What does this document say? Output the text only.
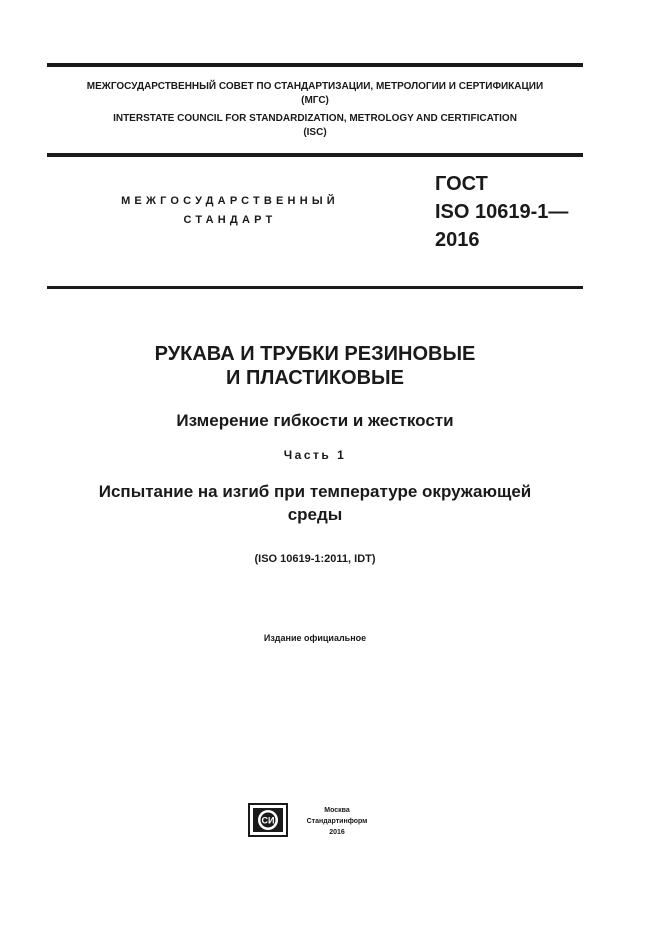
МЕЖГОСУДАРСТВЕННЫЙ СОВЕТ ПО СТАНДАРТИЗАЦИИ, МЕТРОЛОГИИ И СЕРТИФИКАЦИИ
(МГС)
INTERSTATE COUNCIL FOR STANDARDIZATION, METROLOGY AND CERTIFICATION
(ISC)
МЕЖГОСУДАРСТВЕННЫЙ
СТАНДАРТ
ГОСТ
ISO 10619-1—
2016
РУКАВА И ТРУБКИ РЕЗИНОВЫЕ
И ПЛАСТИКОВЫЕ
Измерение гибкости и жесткости
Часть 1
Испытание на изгиб при температуре окружающей
среды
(ISO 10619-1:2011, IDT)
Издание официальное
СИ
Москва
Стандартинформ
2016
